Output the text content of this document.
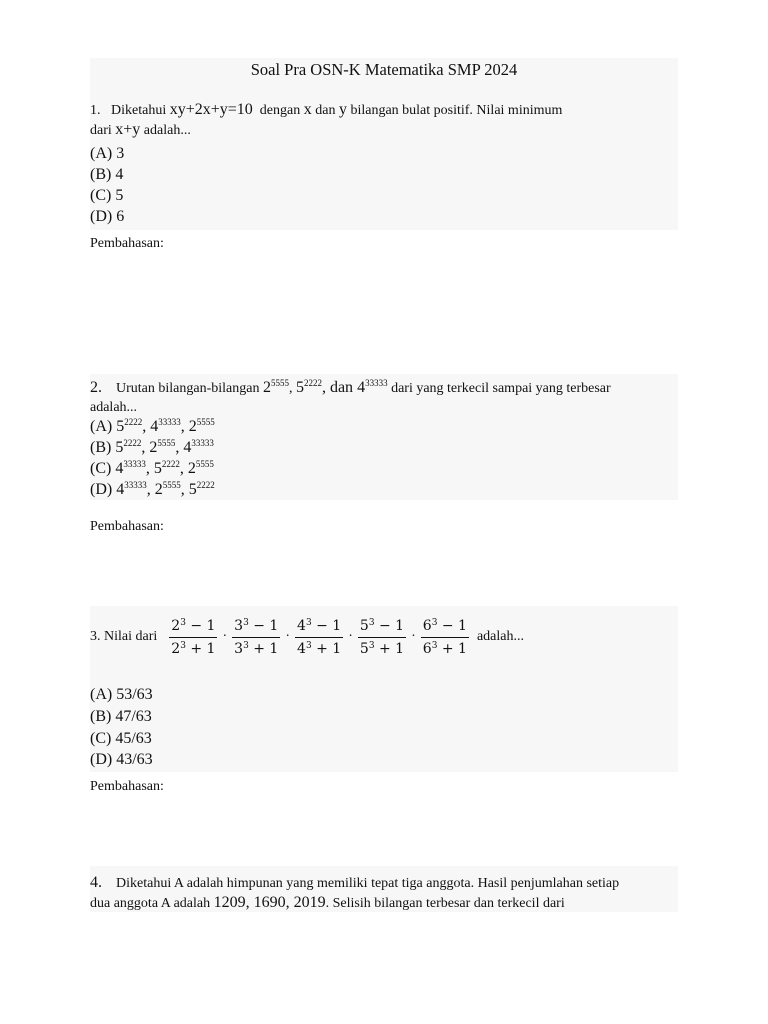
Soal Pra OSN-K Matematika SMP 2024
1. Diketahui xy+2x+y=10  dengan x dan y bilangan bulat positif. Nilai minimum
dari x+y adalah...
(A) 3
(B) 4
(C) 5
(D) 6
Pembahasan:
2. Urutan bilangan-bilangan $2^{5555}$, $5^{2222}$, dan $4^{33333}$ dari yang terkecil sampai yang terbesar
adalah...
(A) $5^{2222}$, $4^{33333}$, $2^{5555}$
(B) $5^{2222}$, $2^{5555}$, $4^{33333}$
(C) $4^{33333}$, $5^{2222}$, $2^{5555}$
(D) $4^{33333}$, $2^{5555}$, $5^{2222}$
Pembahasan:
3. Nilai dari $\frac{2^3 - 1}{2^3 + 1} \cdot \frac{3^3 - 1}{3^3 + 1} \cdot \frac{4^3 - 1}{4^3 + 1} \cdot \frac{5^3 - 1}{5^3 + 1} \cdot \frac{6^3 - 1}{6^3 + 1}$ adalah...
(A) 53/63
(B) 47/63
(C) 45/63
(D) 43/63
Pembahasan:
4. Diketahui A adalah himpunan yang memiliki tepat tiga anggota. Hasil penjumlahan setiap
dua anggota A adalah 1209, 1690, 2019. Selisih bilangan terbesar dan terkecil dari
